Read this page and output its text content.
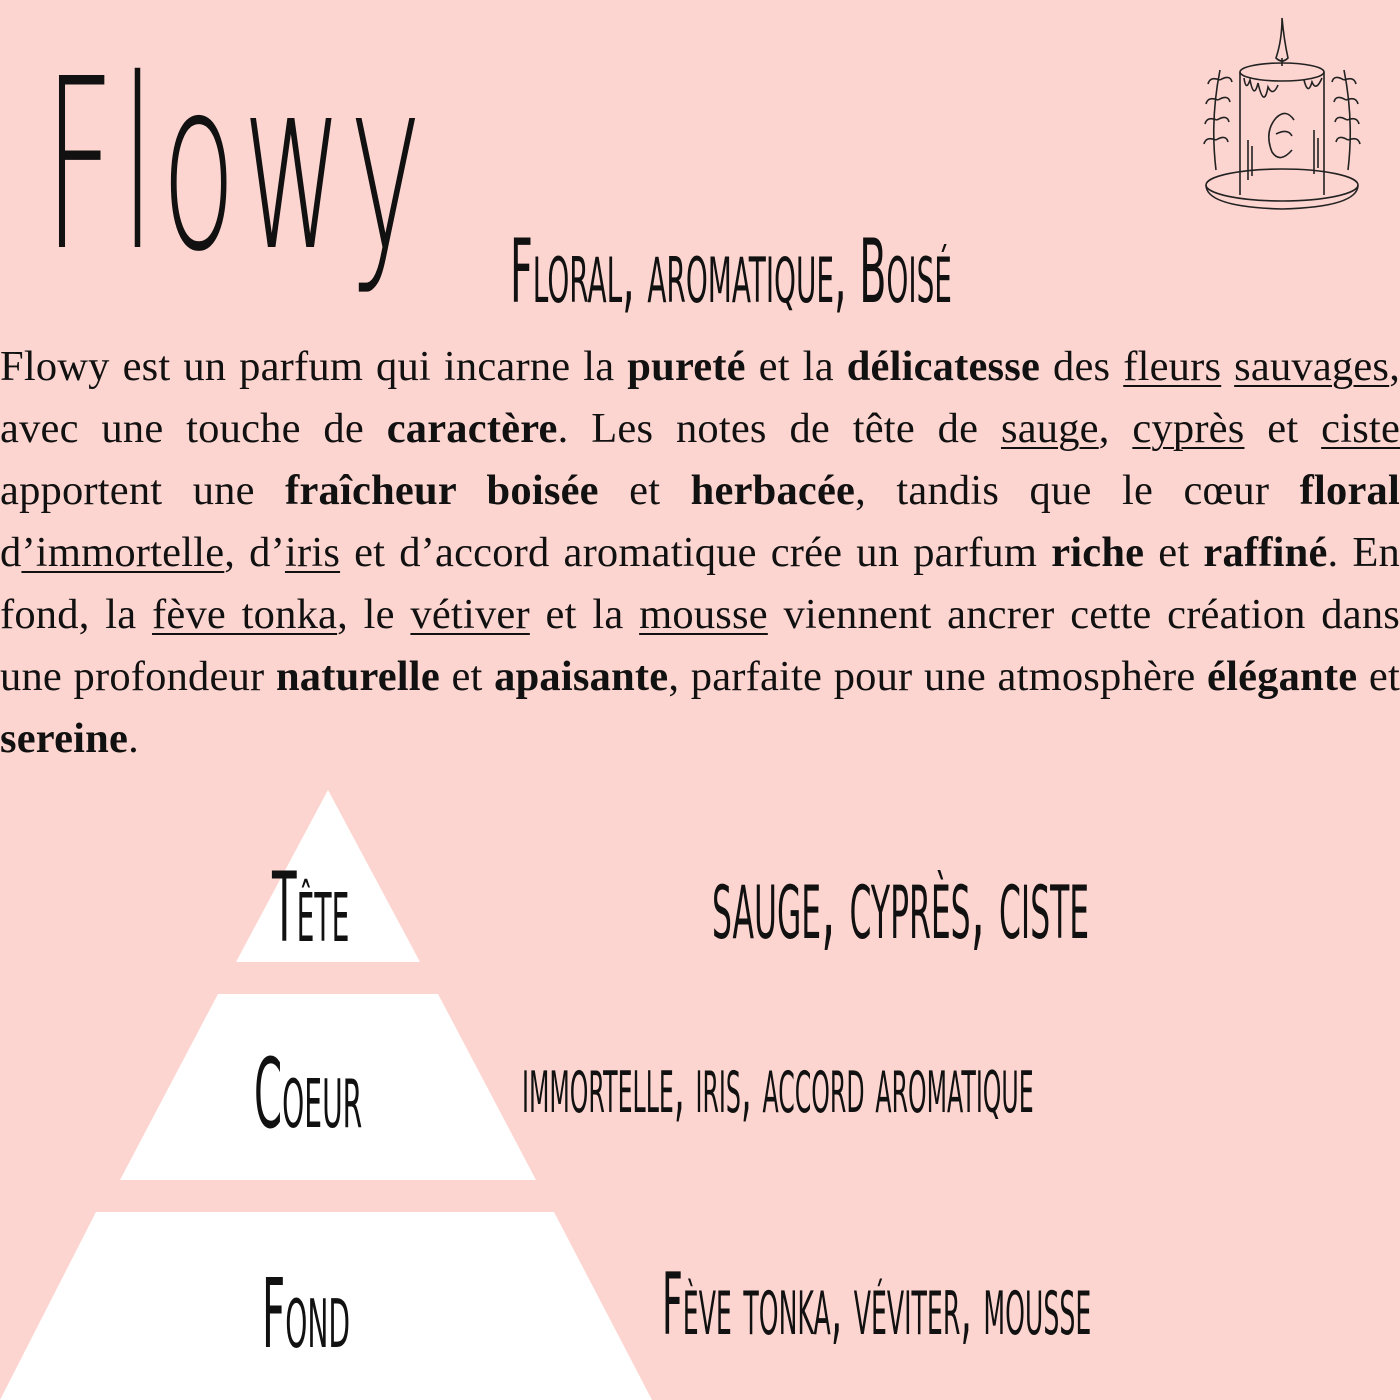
Flowy Floral, aromatique, Boisé

Flowy est un parfum qui incarne la pureté et la délicatesse des fleurs sauvages, avec une touche de caractère. Les notes de tête de sauge, cyprès et ciste apportent une fraîcheur boisée et herbacée, tandis que le cœur floral d’immortelle, d’iris et d’accord aromatique crée un parfum riche et raffiné. En fond, la fève tonka, le vétiver et la mousse viennent ancrer cette création dans une profondeur naturelle et apaisante, parfaite pour une atmosphère élégante et sereine.

Tête
Coeur
Fond
sauge, cyprès, ciste
immortelle, iris, accord aromatique
Fève tonka, véviter, mousse
